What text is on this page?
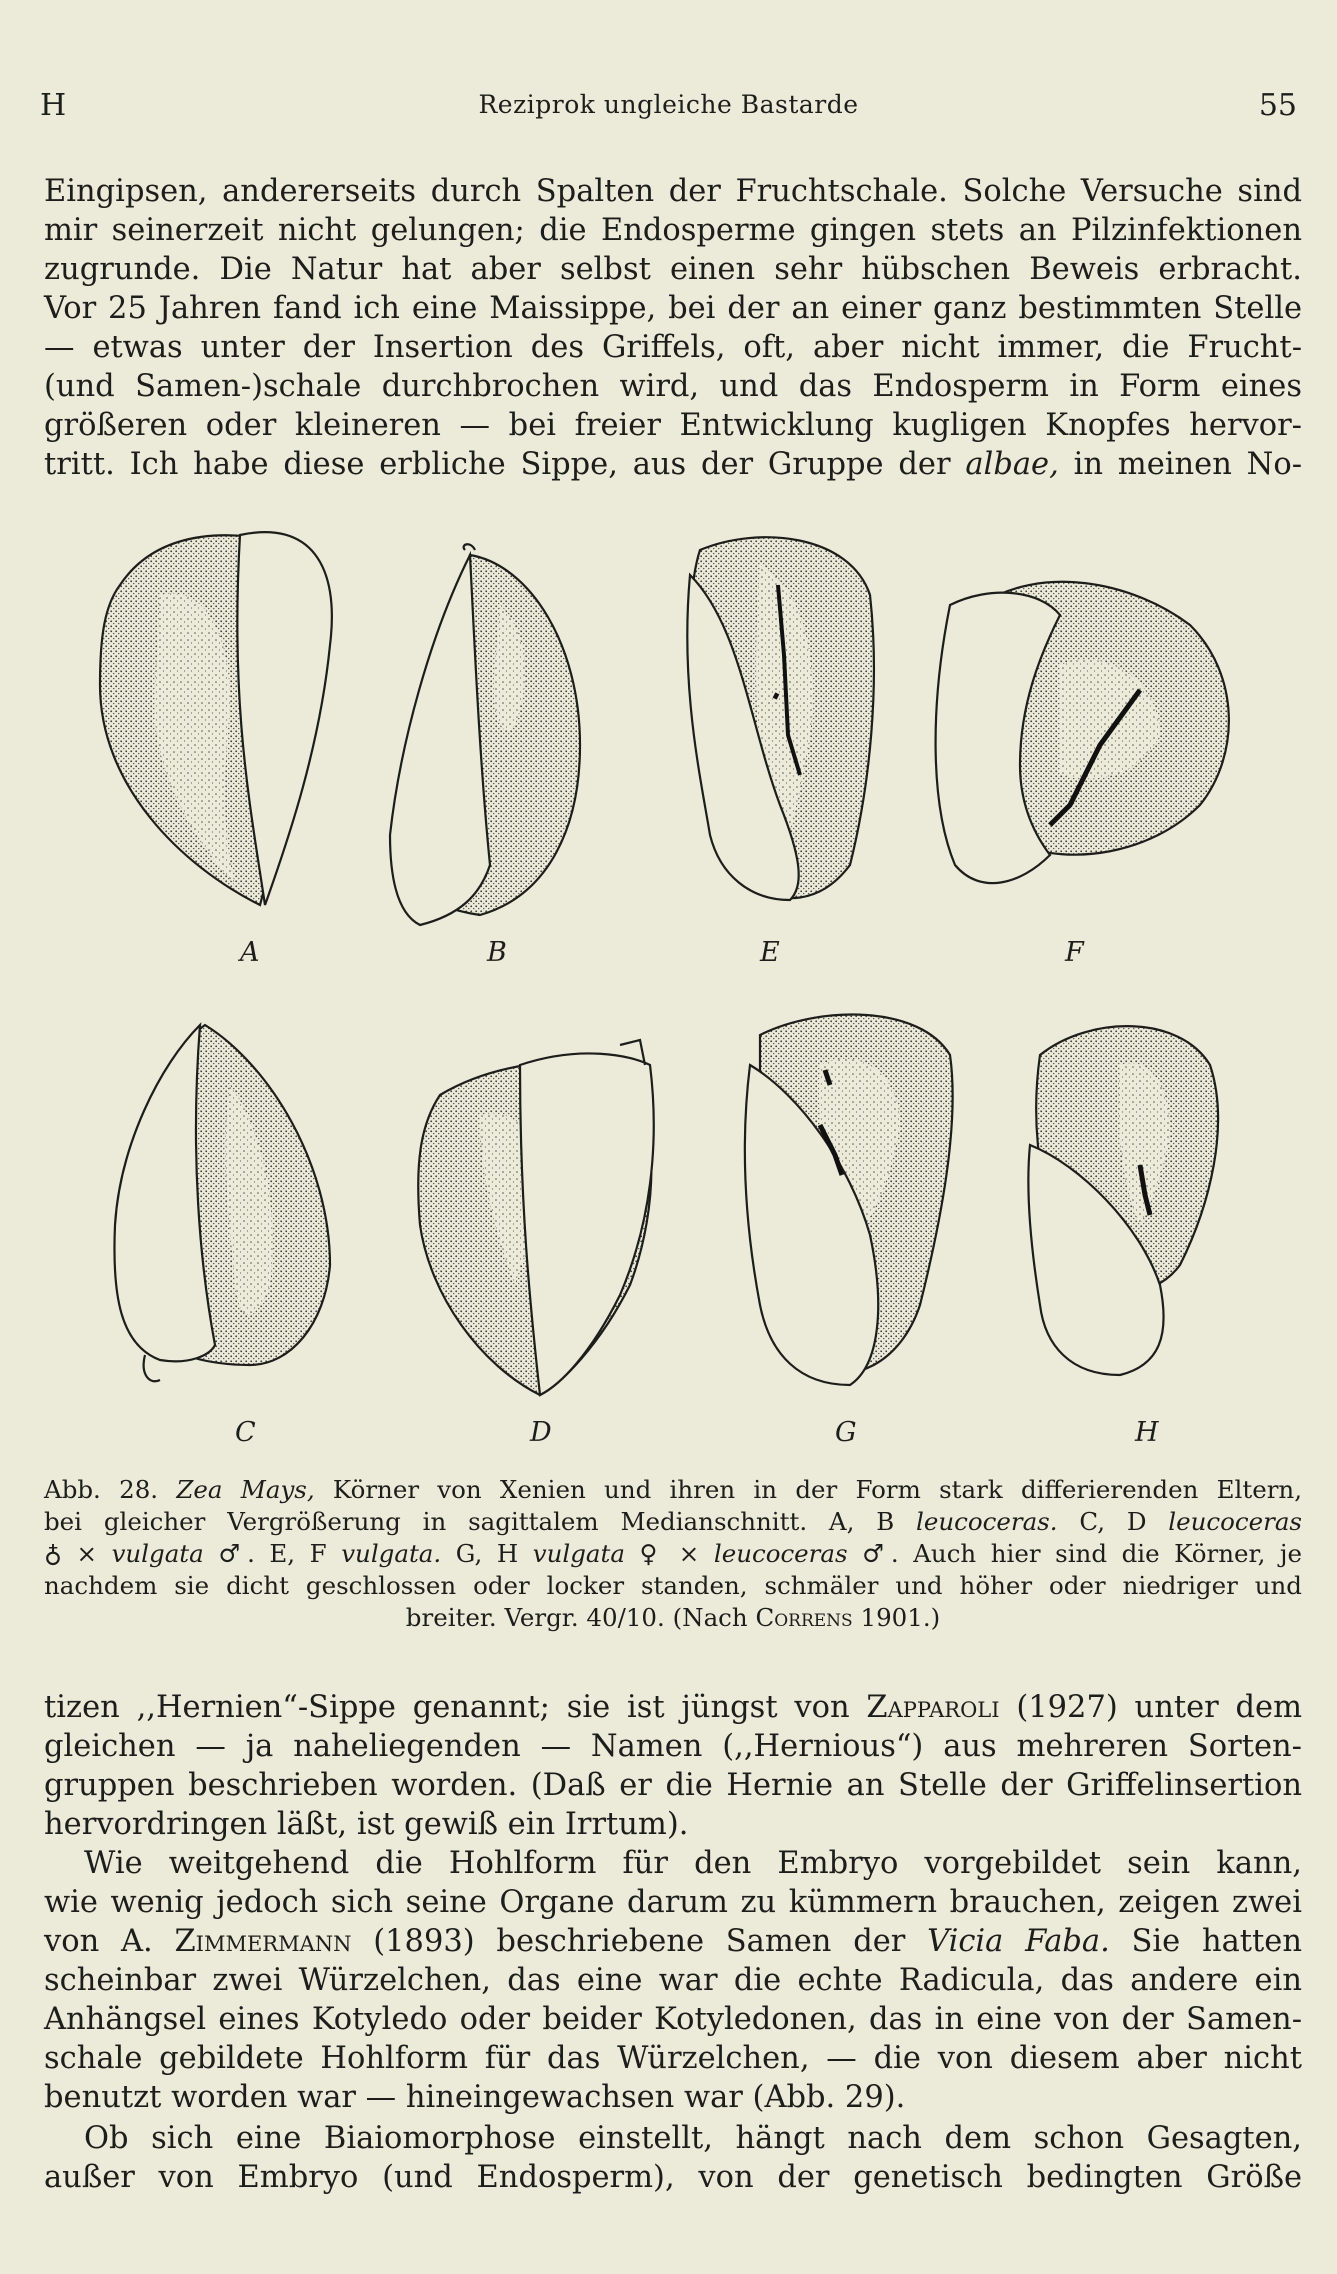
H	Reziprok ungleiche Bastarde	55
Eingipsen, andererseits durch Spalten der Fruchtschale. Solche Versuche sind
mir seinerzeit nicht gelungen; die Endosperme gingen stets an Pilzinfektionen
zugrunde. Die Natur hat aber selbst einen sehr hübschen Beweis erbracht.
Vor 25 Jahren fand ich eine Maissippe, bei der an einer ganz bestimmten Stelle
— etwas unter der Insertion des Griffels, oft, aber nicht immer, die Frucht-
(und Samen-)schale durchbrochen wird, und das Endosperm in Form eines
größeren oder kleineren — bei freier Entwicklung kugligen Knopfes hervor-
tritt. Ich habe diese erbliche Sippe, aus der Gruppe der albae, in meinen No-
A	B	E	F
C	D	G	H
Abb. 28. Zea Mays, Körner von Xenien und ihren in der Form stark differierenden Eltern,
bei gleicher Vergrößerung in sagittalem Medianschnitt. A, B leucoceras. C, D leucoceras
♁ × vulgata ♂. E, F vulgata. G, H vulgata ♀ × leucoceras ♂. Auch hier sind die Körner, je
nachdem sie dicht geschlossen oder locker standen, schmäler und höher oder niedriger und
breiter. Vergr. 40/10. (Nach Correns 1901.)
tizen ,,Hernien“-Sippe genannt; sie ist jüngst von Zapparoli (1927) unter dem
gleichen — ja naheliegenden — Namen (,,Hernious“) aus mehreren Sorten-
gruppen beschrieben worden. (Daß er die Hernie an Stelle der Griffelinsertion
hervordringen läßt, ist gewiß ein Irrtum).
Wie weitgehend die Hohlform für den Embryo vorgebildet sein kann,
wie wenig jedoch sich seine Organe darum zu kümmern brauchen, zeigen zwei
von A. Zimmermann (1893) beschriebene Samen der Vicia Faba. Sie hatten
scheinbar zwei Würzelchen, das eine war die echte Radicula, das andere ein
Anhängsel eines Kotyledo oder beider Kotyledonen, das in eine von der Samen-
schale gebildete Hohlform für das Würzelchen, — die von diesem aber nicht
benutzt worden war — hineingewachsen war (Abb. 29).
Ob sich eine Biaiomorphose einstellt, hängt nach dem schon Gesagten,
außer von Embryo (und Endosperm), von der genetisch bedingten Größe
